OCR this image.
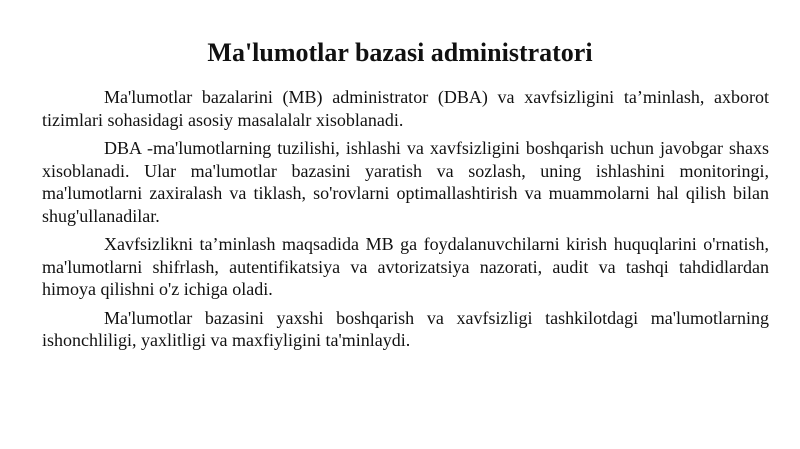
Ma'lumotlar bazasi administratori

Ma'lumotlar bazalarini (MB) administrator (DBA) va xavfsizligini ta’minlash, axborot tizimlari sohasidagi asosiy masalalalr xisoblanadi.

DBA -ma'lumotlarning tuzilishi, ishlashi va xavfsizligini boshqarish uchun javobgar shaxs xisoblanadi. Ular ma'lumotlar bazasini yaratish va sozlash, uning ishlashini monitoringi, ma'lumotlarni zaxiralash va tiklash, so'rovlarni optimallashtirish va muammolarni hal qilish bilan shug'ullanadilar.

Xavfsizlikni ta’minlash maqsadida MB ga foydalanuvchilarni kirish huquqlarini o'rnatish, ma'lumotlarni shifrlash, autentifikatsiya va avtorizatsiya nazorati, audit va tashqi tahdidlardan himoya qilishni o'z ichiga oladi.

Ma'lumotlar bazasini yaxshi boshqarish va xavfsizligi tashkilotdagi ma'lumotlarning ishonchliligi, yaxlitligi va maxfiyligini ta'minlaydi.
